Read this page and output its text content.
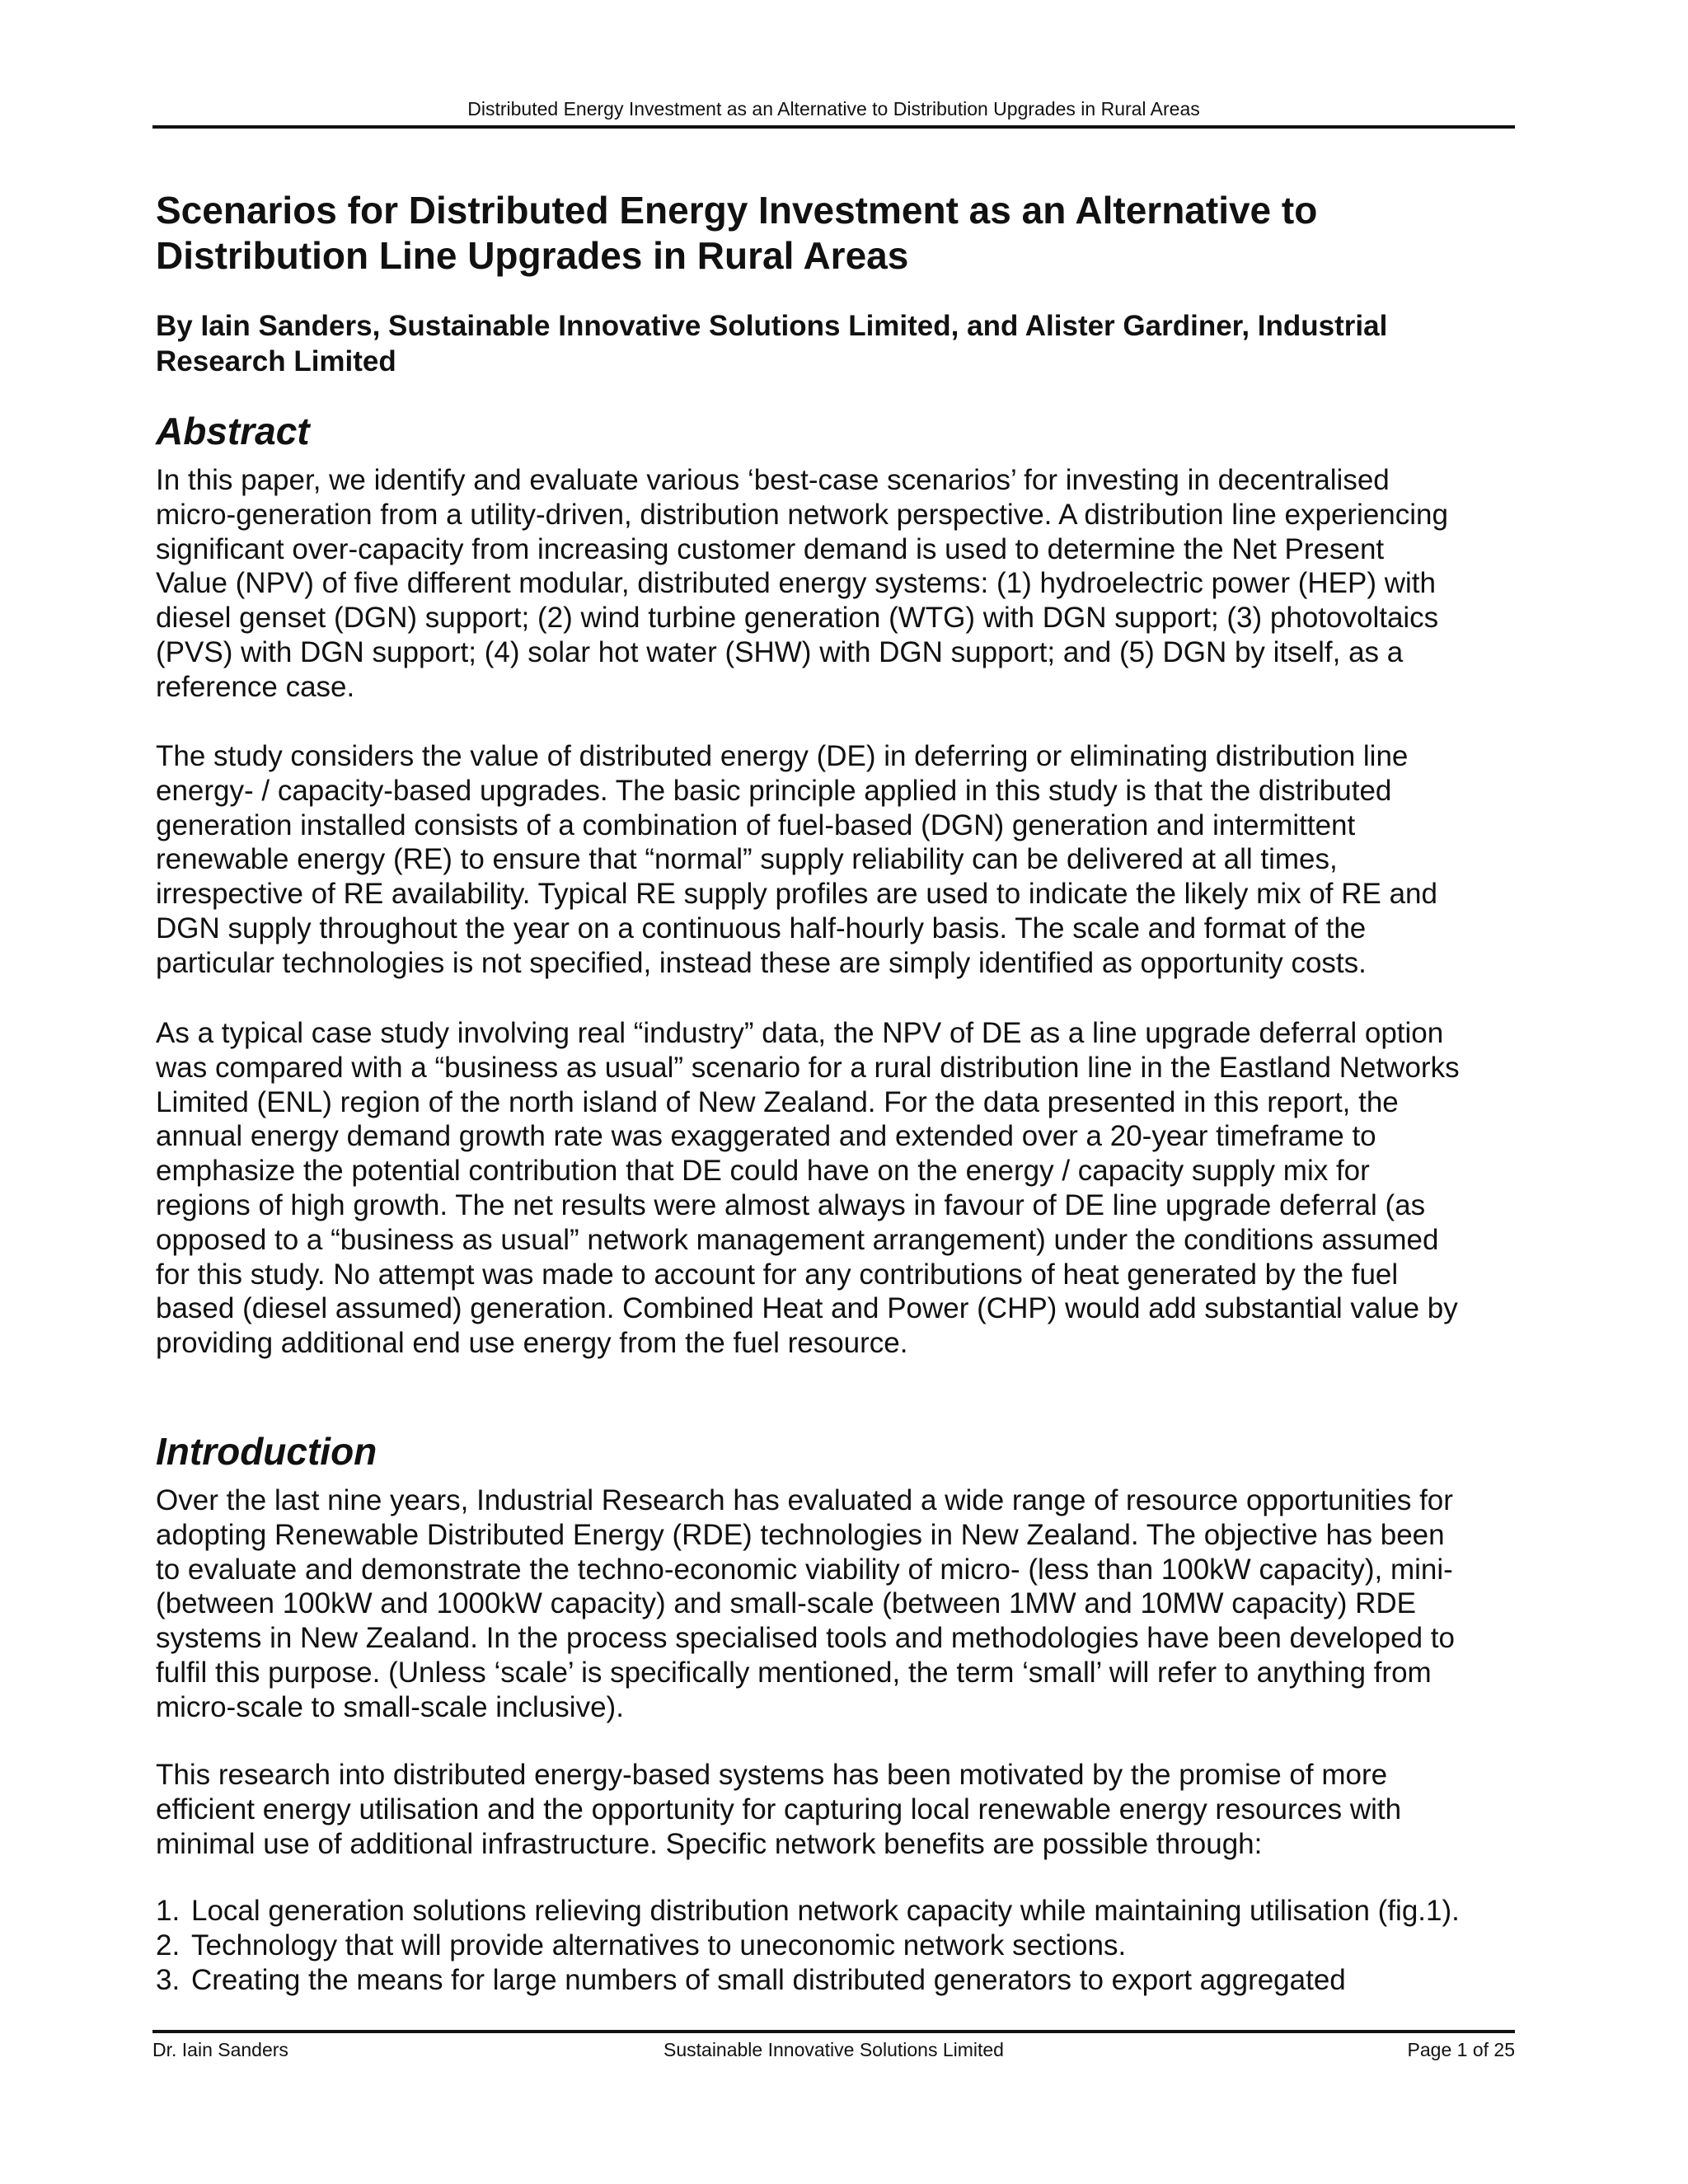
Distributed Energy Investment as an Alternative to Distribution Upgrades in Rural Areas
Scenarios for Distributed Energy Investment as an Alternative to
Distribution Line Upgrades in Rural Areas

By Iain Sanders, Sustainable Innovative Solutions Limited, and Alister Gardiner, Industrial
Research Limited

Abstract

In this paper, we identify and evaluate various ‘best-case scenarios’ for investing in decentralised
micro-generation from a utility-driven, distribution network perspective. A distribution line experiencing
significant over-capacity from increasing customer demand is used to determine the Net Present
Value (NPV) of five different modular, distributed energy systems: (1) hydroelectric power (HEP) with
diesel genset (DGN) support; (2) wind turbine generation (WTG) with DGN support; (3) photovoltaics
(PVS) with DGN support; (4) solar hot water (SHW) with DGN support; and (5) DGN by itself, as a
reference case.

The study considers the value of distributed energy (DE) in deferring or eliminating distribution line
energy- / capacity-based upgrades. The basic principle applied in this study is that the distributed
generation installed consists of a combination of fuel-based (DGN) generation and intermittent
renewable energy (RE) to ensure that “normal” supply reliability can be delivered at all times,
irrespective of RE availability. Typical RE supply profiles are used to indicate the likely mix of RE and
DGN supply throughout the year on a continuous half-hourly basis. The scale and format of the
particular technologies is not specified, instead these are simply identified as opportunity costs.

As a typical case study involving real “industry” data, the NPV of DE as a line upgrade deferral option
was compared with a “business as usual” scenario for a rural distribution line in the Eastland Networks
Limited (ENL) region of the north island of New Zealand. For the data presented in this report, the
annual energy demand growth rate was exaggerated and extended over a 20-year timeframe to
emphasize the potential contribution that DE could have on the energy / capacity supply mix for
regions of high growth. The net results were almost always in favour of DE line upgrade deferral (as
opposed to a “business as usual” network management arrangement) under the conditions assumed
for this study. No attempt was made to account for any contributions of heat generated by the fuel
based (diesel assumed) generation. Combined Heat and Power (CHP) would add substantial value by
providing additional end use energy from the fuel resource.

Introduction

Over the last nine years, Industrial Research has evaluated a wide range of resource opportunities for
adopting Renewable Distributed Energy (RDE) technologies in New Zealand. The objective has been
to evaluate and demonstrate the techno-economic viability of micro- (less than 100kW capacity), mini-
(between 100kW and 1000kW capacity) and small-scale (between 1MW and 10MW capacity) RDE
systems in New Zealand. In the process specialised tools and methodologies have been developed to
fulfil this purpose. (Unless ‘scale’ is specifically mentioned, the term ‘small’ will refer to anything from
micro-scale to small-scale inclusive).

This research into distributed energy-based systems has been motivated by the promise of more
efficient energy utilisation and the opportunity for capturing local renewable energy resources with
minimal use of additional infrastructure. Specific network benefits are possible through:

1. Local generation solutions relieving distribution network capacity while maintaining utilisation (fig.1).
2. Technology that will provide alternatives to uneconomic network sections.
3. Creating the means for large numbers of small distributed generators to export aggregated
Sustainable Innovative Solutions Limited
Dr. Iain Sanders	Page 1 of 25
